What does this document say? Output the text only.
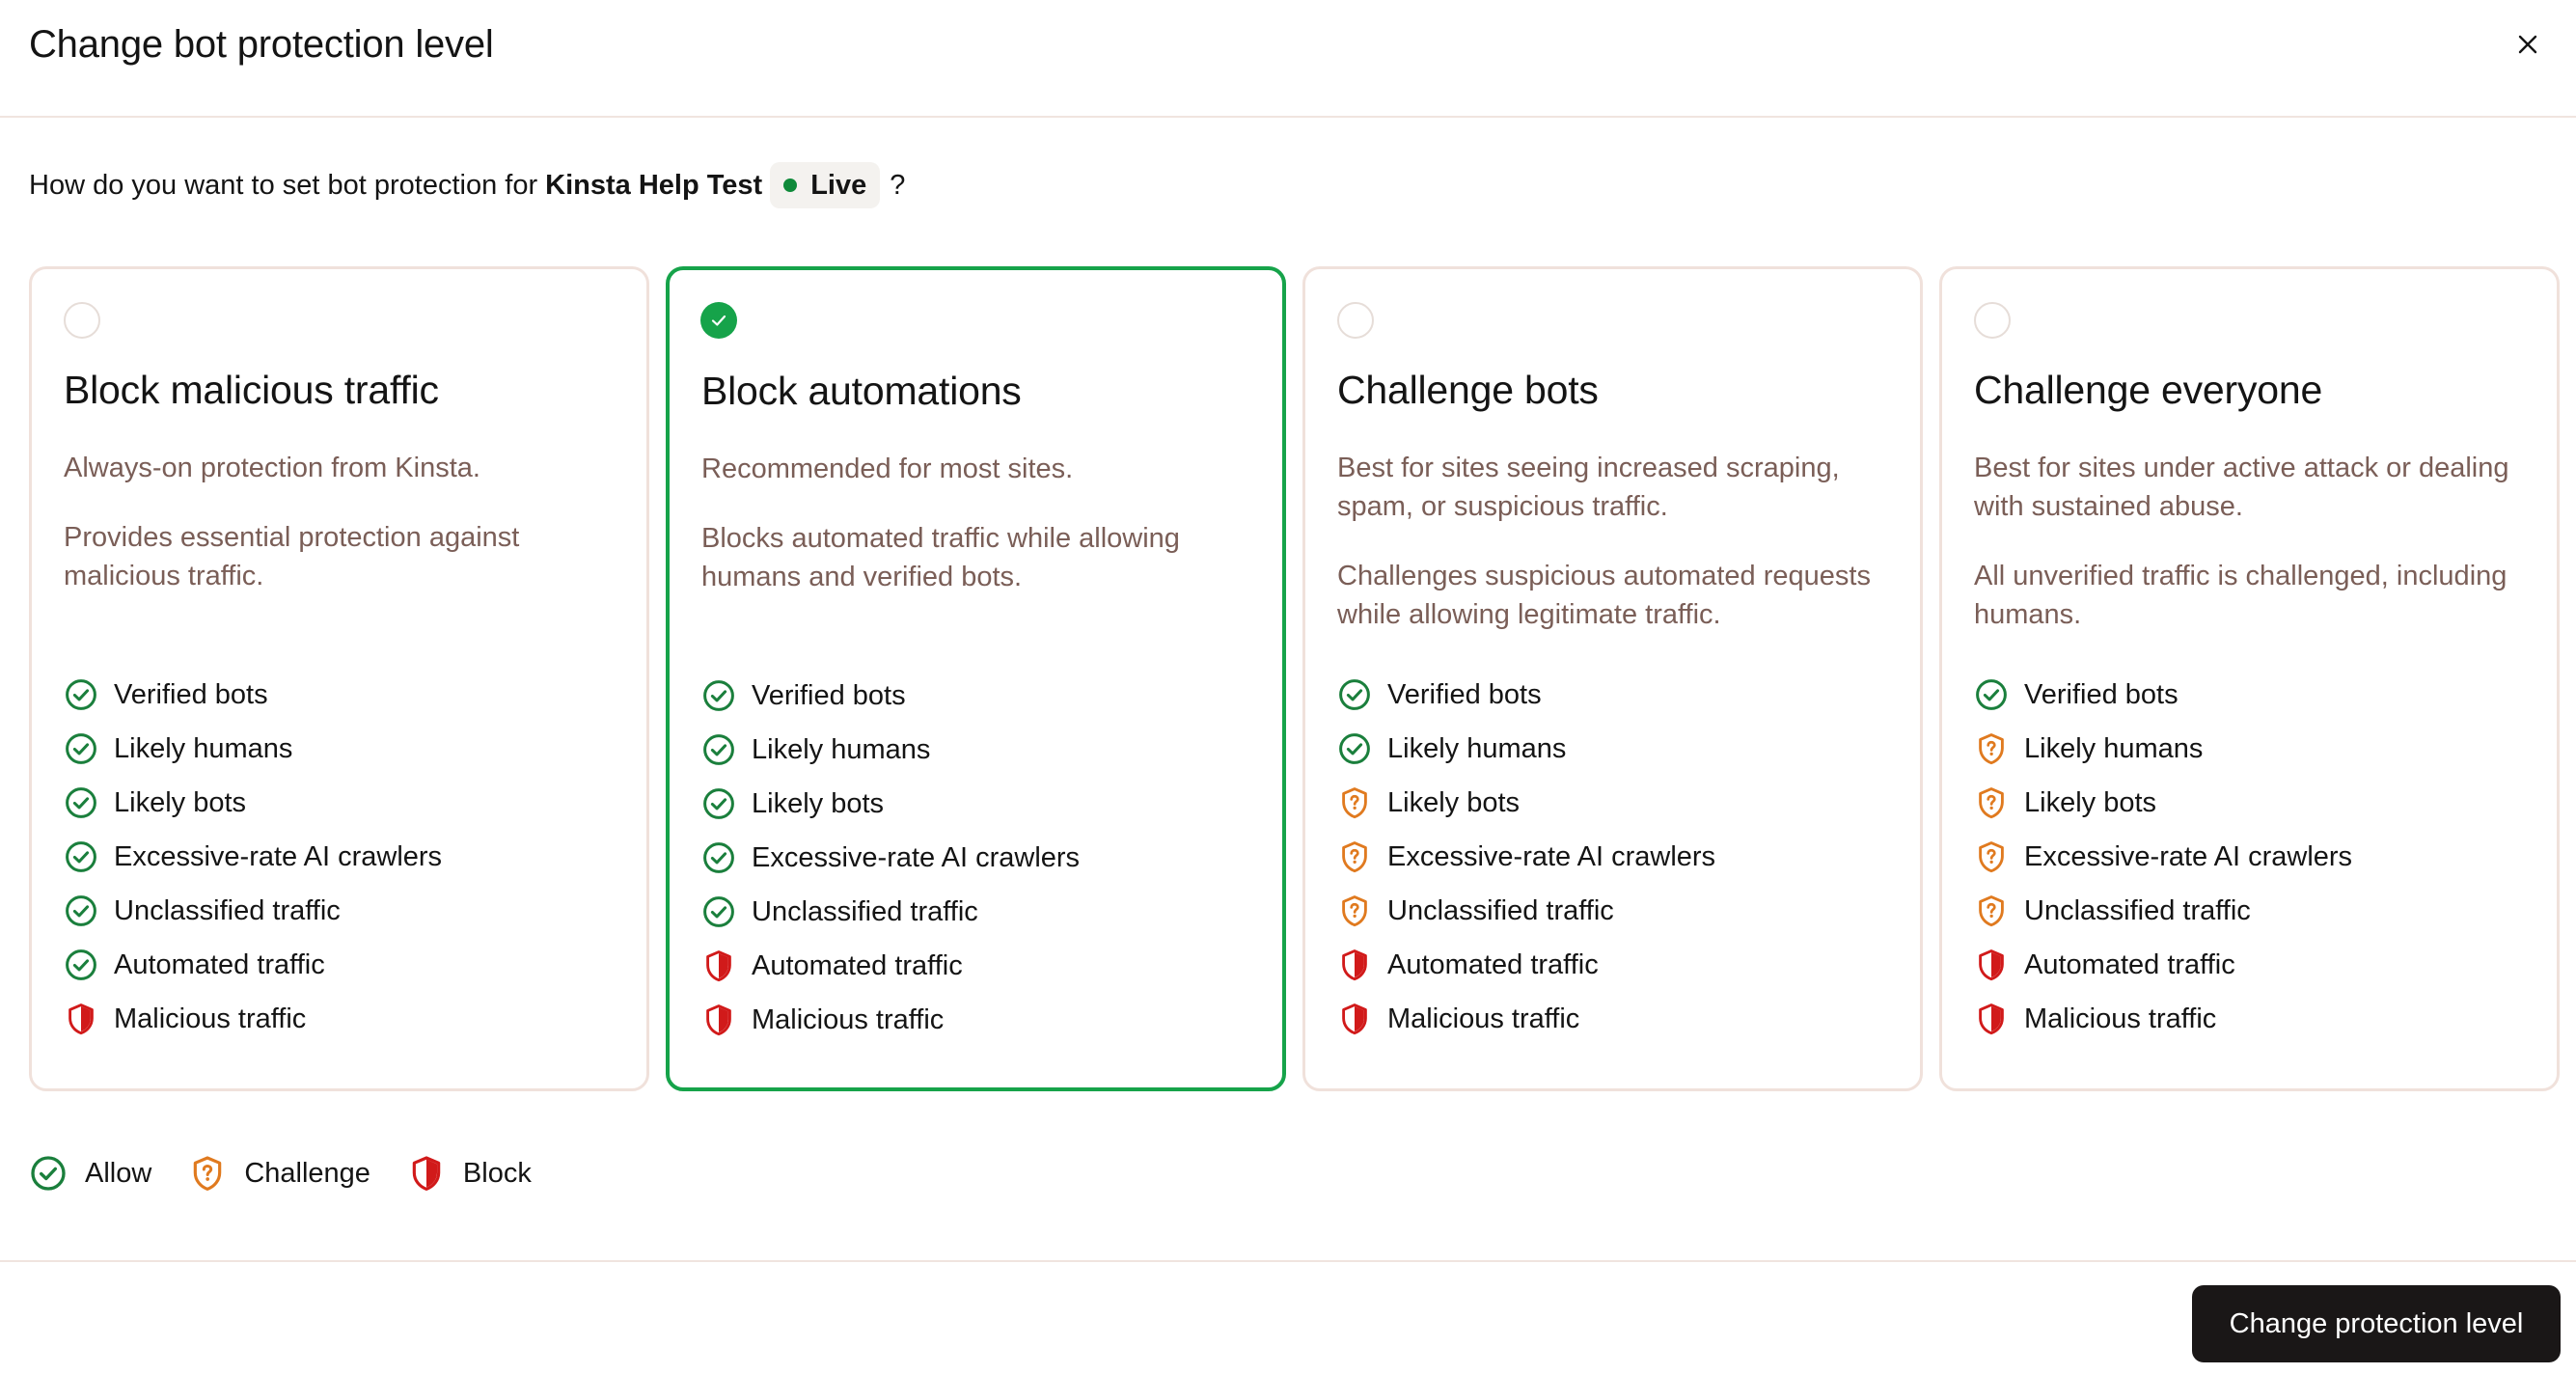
Change bot protection level
How do you want to set bot protection for Kinsta Help Test Live ?
Block malicious traffic

Always-on protection from Kinsta.

Provides essential protection against malicious traffic.

Verified bots
Likely humans
Likely bots
Excessive-rate AI crawlers
Unclassified traffic
Automated traffic
Malicious traffic
Block automations

Recommended for most sites.

Blocks automated traffic while allowing humans and verified bots.

Verified bots
Likely humans
Likely bots
Excessive-rate AI crawlers
Unclassified traffic
Automated traffic
Malicious traffic
Challenge bots

Best for sites seeing increased scraping, spam, or suspicious traffic.

Challenges suspicious automated requests while allowing legitimate traffic.

Verified bots
Likely humans
Likely bots
Excessive-rate AI crawlers
Unclassified traffic
Automated traffic
Malicious traffic
Challenge everyone

Best for sites under active attack or dealing with sustained abuse.

All unverified traffic is challenged, including humans.

Verified bots
Likely humans
Likely bots
Excessive-rate AI crawlers
Unclassified traffic
Automated traffic
Malicious traffic
Allow	Challenge	Block
Change protection level
